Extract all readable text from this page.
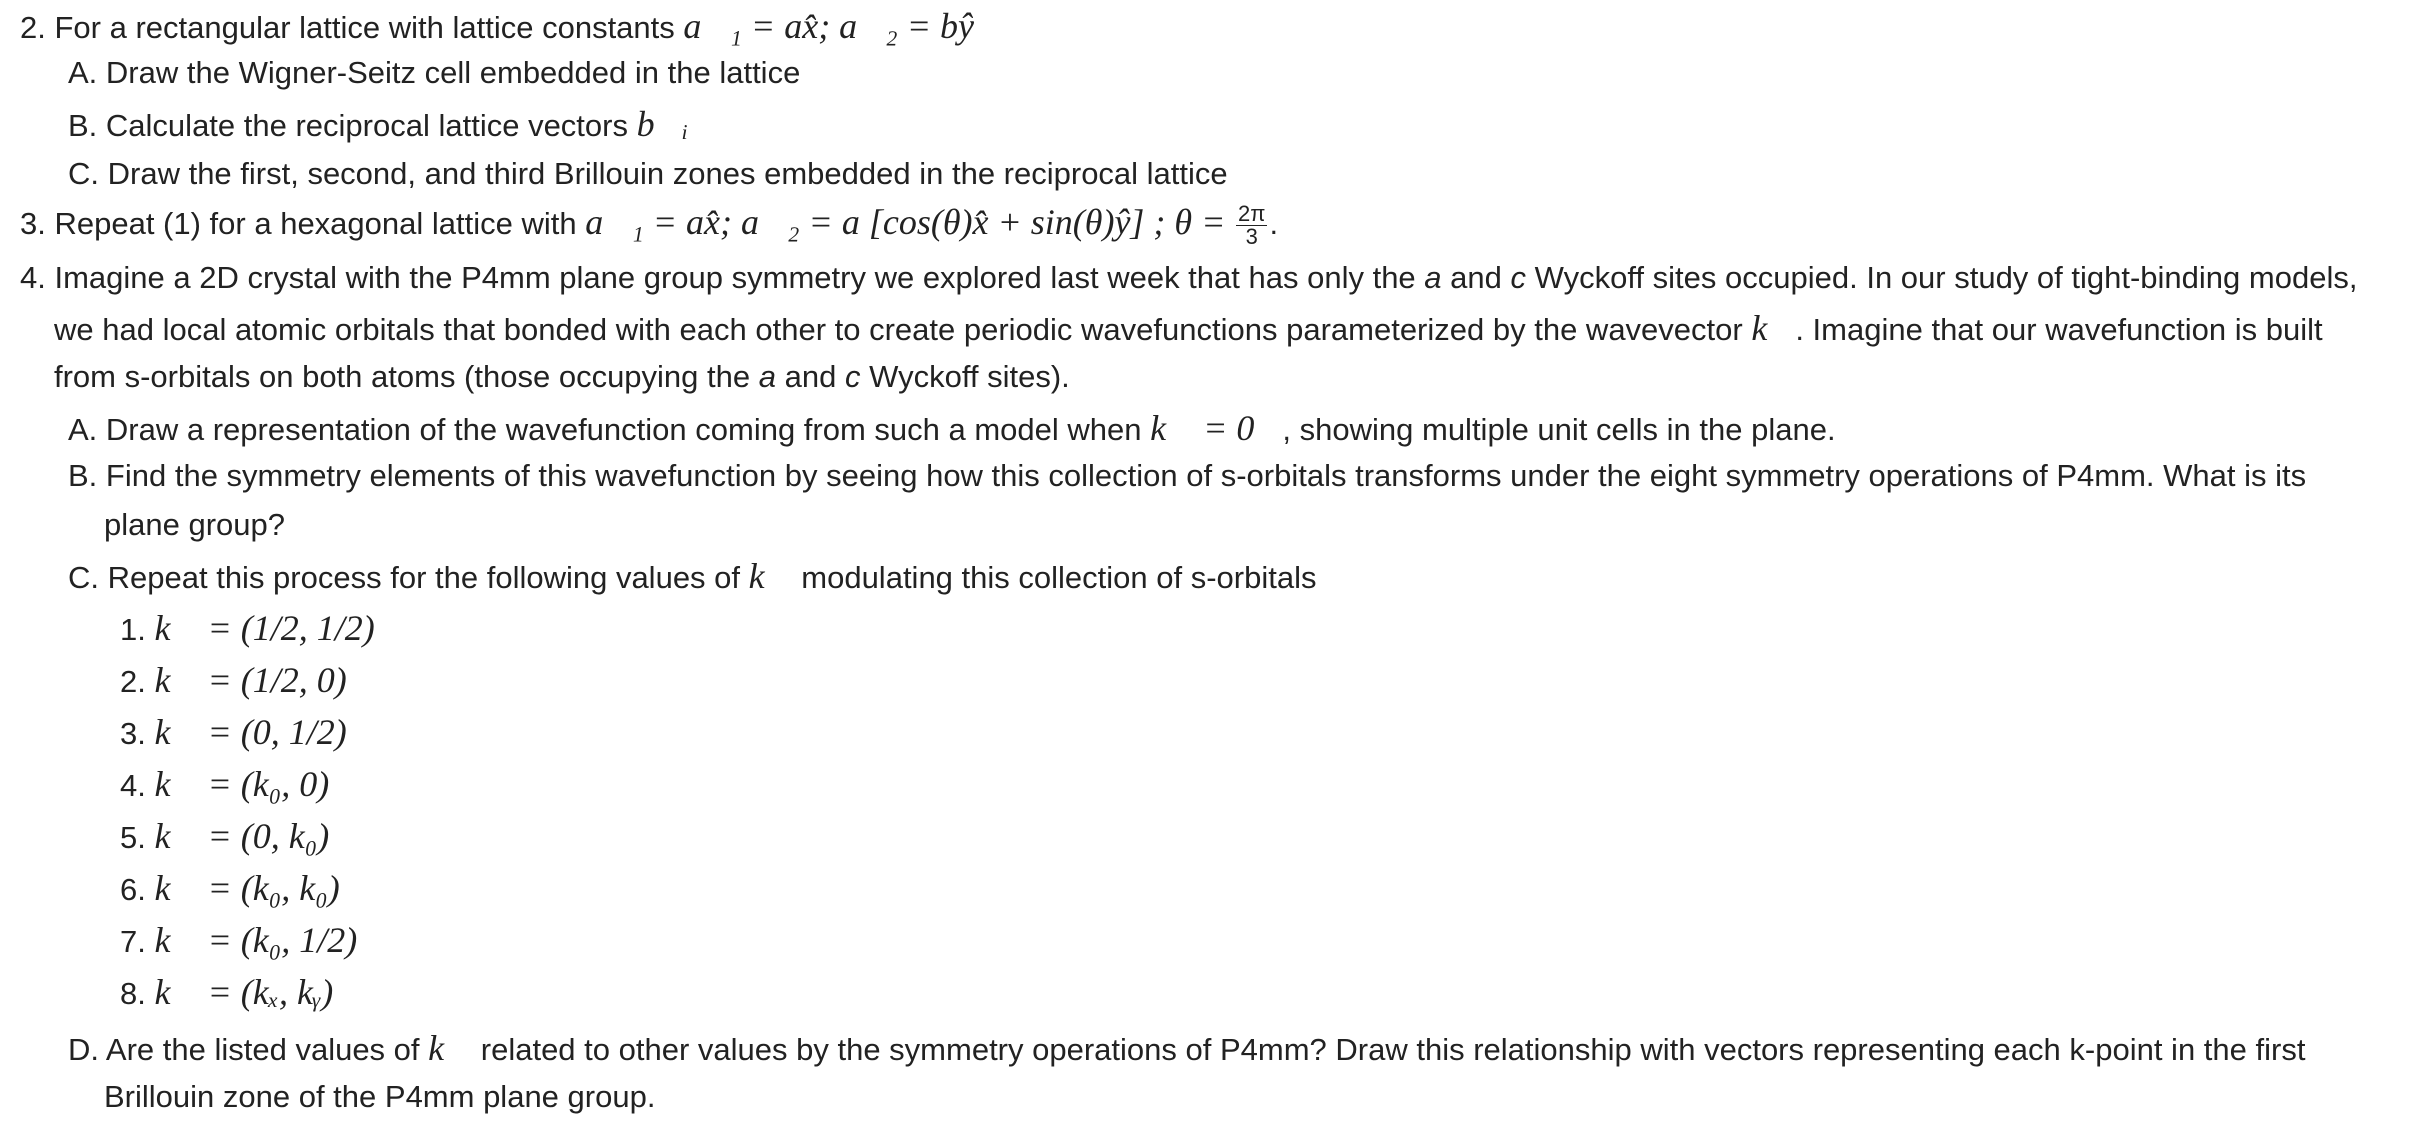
2. For a rectangular lattice with lattice constants a⃗₁ = ax̂; a⃗₂ = bŷ
A. Draw the Wigner-Seitz cell embedded in the lattice
B. Calculate the reciprocal lattice vectors b⃗ᵢ
C. Draw the first, second, and third Brillouin zones embedded in the reciprocal lattice
3. Repeat (1) for a hexagonal lattice with a⃗₁ = ax̂; a⃗₂ = a [cos(θ)x̂ + sin(θ)ŷ] ; $\theta = \frac{2\pi}{3}$ .
4. Imagine a 2D crystal with the P4mm plane group symmetry we explored last week that has only the a and c Wyckoff sites occupied. In our study of tight-binding models,
we had local atomic orbitals that bonded with each other to create periodic wavefunctions parameterized by the wavevector k⃗. Imagine that our wavefunction is built
from s-orbitals on both atoms (those occupying the a and c Wyckoff sites).
A. Draw a representation of the wavefunction coming from such a model when k⃗ = 0⃗, showing multiple unit cells in the plane.
B. Find the symmetry elements of this wavefunction by seeing how this collection of s-orbitals transforms under the eight symmetry operations of P4mm. What is its
plane group?
C. Repeat this process for the following values of k⃗ modulating this collection of s-orbitals
1. k⃗ = (1/2, 1/2)
2. k⃗ = (1/2, 0)
3. k⃗ = (0, 1/2)
4. k⃗ = (k₀, 0)
5. k⃗ = (0, k₀)
6. k⃗ = (k₀, k₀)
7. k⃗ = (k₀, 1/2)
8. k⃗ = (kₓ, kᵧ)
D. Are the listed values of k⃗ related to other values by the symmetry operations of P4mm? Draw this relationship with vectors representing each k-point in the first
Brillouin zone of the P4mm plane group.
